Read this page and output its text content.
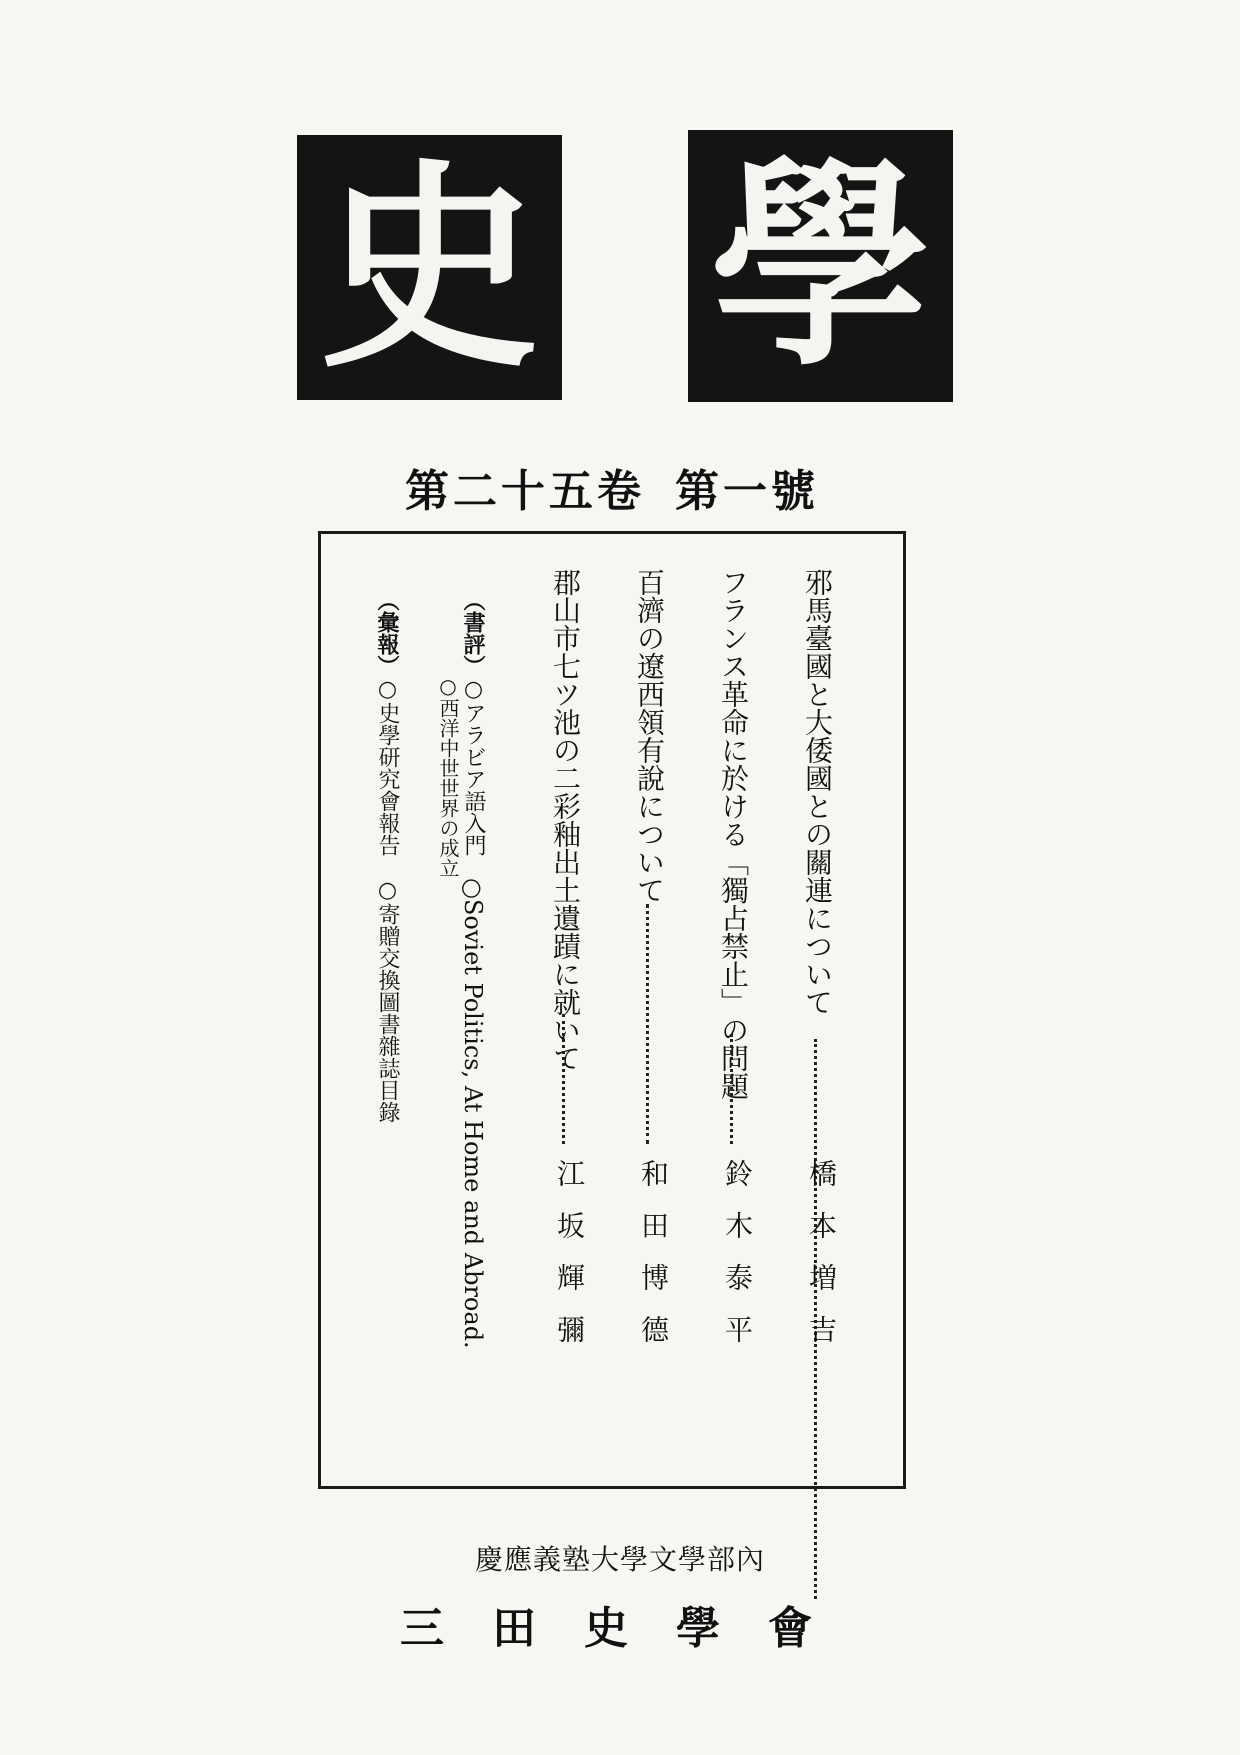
史 學
第二十五卷 第一號
邪馬臺國と大倭國との關連について
橋本増吉
フランス革命に於ける「獨占禁止」の問題
鈴木泰平
百濟の遼西領有說について
和田博德
郡山市七ツ池の二彩釉出土遺蹟に就いて
江坂輝彌
（書評）○アラビア語入門　○Soviet Politics, At Home and Abroad.
○西洋中世世界の成立
（彙報）○史學研究會報告　○寄贈交換圖書雜誌目錄
慶應義塾大學文學部內
三田史學會
